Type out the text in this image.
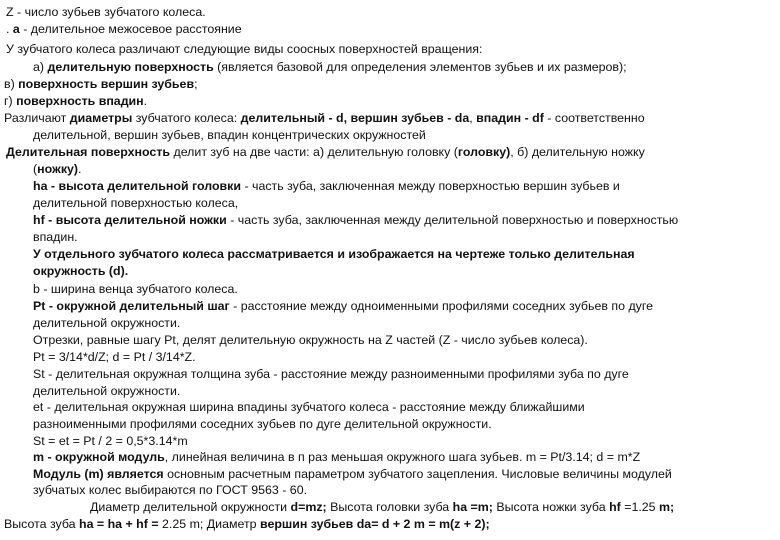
Z - число зубьев зубчатого колеса.
. a - делительное межосевое расстояние
У зубчатого колеса различают следующие виды соосных поверхностей вращения:
а) делительную поверхность (является базовой для определения элементов зубьев и их размеров);
в) поверхность вершин зубьев;
г) поверхность впадин.
Различают диаметры зубчатого колеса: делительный - d, вершин зубьев - da, впадин - df - соответственно
делительной, вершин зубьев, впадин концентрических окружностей
Делительная поверхность делит зуб на две части: а) делительную головку (головку), б) делительную ножку
(ножку).
ha - высота делительной головки - часть зуба, заключенная между поверхностью вершин зубьев и
делительной поверхностью колеса,
hf - высота делительной ножки - часть зуба, заключенная между делительной поверхностью и поверхностью
впадин.
У отдельного зубчатого колеса рассматривается и изображается на чертеже только делительная
окружность (d).
b - ширина венца зубчатого колеса.
Pt - окружной делительный шаг - расстояние между одноименными профилями соседних зубьев по дуге
делительной окружности.
Отрезки, равные шагу Pt, делят делительную окружность на Z частей (Z - число зубьев колеса).
Pt = 3/14*d/Z; d = Pt / 3/14*Z.
St - делительная окружная толщина зуба - расстояние между разноименными профилями зуба по дуге
делительной окружности.
et - делительная окружная ширина впадины зубчатого колеса - расстояние между ближайшими
разноименными профилями соседних зубьев по дуге делительной окружности.
St = et = Pt / 2 = 0,5*3.14*m
m - окружной модуль, линейная величина в п раз меньшая окружного шага зубьев. m = Pt/3.14; d = m*Z
Модуль (m) является основным расчетным параметром зубчатого зацепления. Числовые величины модулей
зубчатых колес выбираются по ГОСТ 9563 - 60.
Диаметр делительной окружности d=mz; Высота головки зуба ha =m; Высота ножки зуба hf =1.25 m;
Высота зуба ha = ha + hf = 2.25 m; Диаметр вершин зубьев da= d + 2 m = m(z + 2);
